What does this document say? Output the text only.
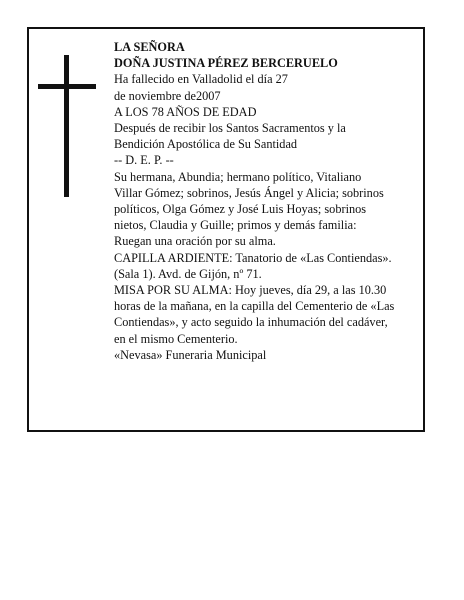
LA SEÑORA

DOÑA JUSTINA PÉREZ BERCERUELO

Ha fallecido en Valladolid el día 27

de noviembre de2007

A LOS 78 AÑOS DE EDAD

Después de recibir los Santos Sacramentos y la

Bendición Apostólica de Su Santidad

-- D. E. P. --

Su hermana, Abundia; hermano político, Vitaliano

Villar Gómez; sobrinos, Jesús Ángel y Alicia; sobrinos

políticos, Olga Gómez y José Luis Hoyas; sobrinos

nietos, Claudia y Guille; primos y demás familia:

Ruegan una oración por su alma.

CAPILLA ARDIENTE: Tanatorio de «Las Contiendas».

(Sala 1). Avd. de Gijón, nº 71.

MISA POR SU ALMA: Hoy jueves, día 29, a las 10.30

horas de la mañana, en la capilla del Cementerio de «Las

Contiendas», y acto seguido la inhumación del cadáver,

en el mismo Cementerio.

«Nevasa» Funeraria Municipal
